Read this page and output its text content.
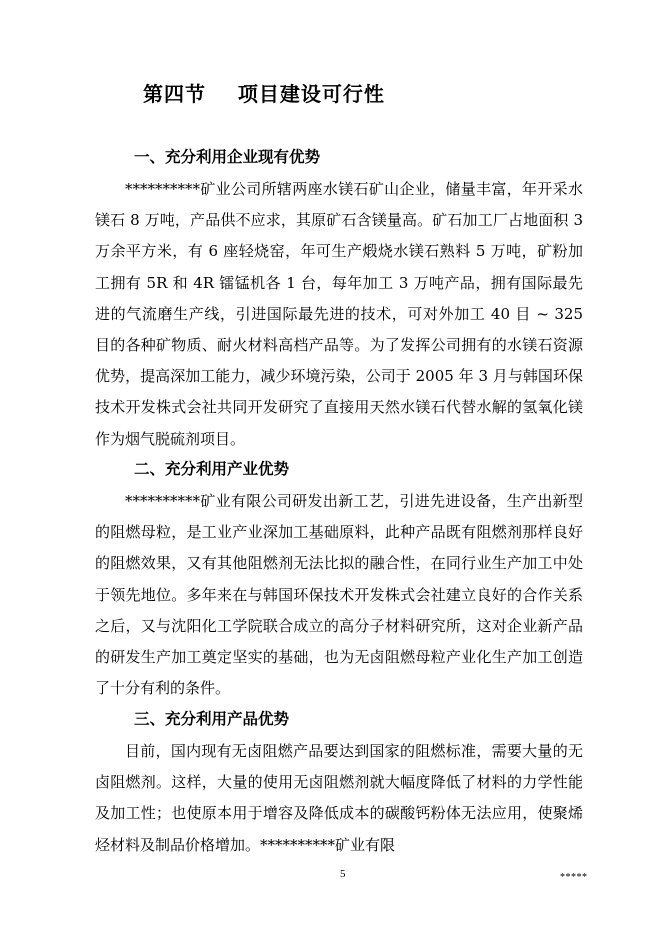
第四节    项目建设可行性
一、充分利用企业现有优势

**********矿业公司所辖两座水镁石矿山企业，储量丰富，年开采水镁石 8 万吨，产品供不应求，其原矿石含镁量高。矿石加工厂占地面积 3 万余平方米，有 6 座轻烧窑，年可生产煅烧水镁石熟料 5 万吨，矿粉加工拥有 5R 和 4R 镭锰机各 1 台，每年加工 3 万吨产品，拥有国际最先进的气流磨生产线，引进国际最先进的技术，可对外加工 40 目 ~ 325 目的各种矿物质、耐火材料高档产品等。为了发挥公司拥有的水镁石资源优势，提高深加工能力，减少环境污染，公司于 2005 年 3 月与韩国环保技术开发株式会社共同开发研究了直接用天然水镁石代替水解的氢氧化镁作为烟气脱硫剂项目。

二、充分利用产业优势

**********矿业有限公司研发出新工艺，引进先进设备，生产出新型的阻燃母粒，是工业产业深加工基础原料，此种产品既有阻燃剂那样良好的阻燃效果，又有其他阻燃剂无法比拟的融合性，在同行业生产加工中处于领先地位。多年来在与韩国环保技术开发株式会社建立良好的合作关系之后，又与沈阳化工学院联合成立的高分子材料研究所，这对企业新产品的研发生产加工奠定坚实的基础，也为无卤阻燃母粒产业化生产加工创造了十分有利的条件。

三、充分利用产品优势

目前，国内现有无卤阻燃产品要达到国家的阻燃标准，需要大量的无卤阻燃剂。这样，大量的使用无卤阻燃剂就大幅度降低了材料的力学性能及加工性；也使原本用于增容及降低成本的碳酸钙粉体无法应用，使聚烯烃材料及制品价格增加。**********矿业有限

5	*****
